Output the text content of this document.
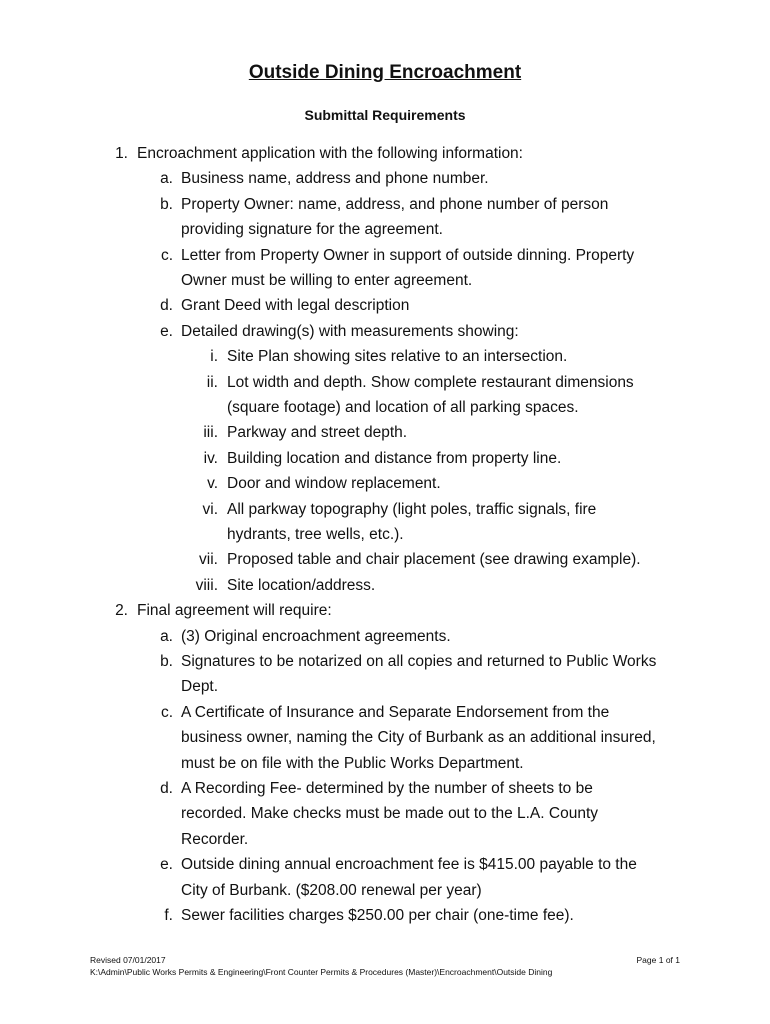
Outside Dining Encroachment
Submittal Requirements
1. Encroachment application with the following information:
a. Business name, address and phone number.
b. Property Owner: name, address, and phone number of person
providing signature for the agreement.
c. Letter from Property Owner in support of outside dinning. Property
Owner must be willing to enter agreement.
d. Grant Deed with legal description
e. Detailed drawing(s) with measurements showing:
i. Site Plan showing sites relative to an intersection.
ii. Lot width and depth. Show complete restaurant dimensions
(square footage) and location of all parking spaces.
iii. Parkway and street depth.
iv. Building location and distance from property line.
v. Door and window replacement.
vi. All parkway topography (light poles, traffic signals, fire
hydrants, tree wells, etc.).
vii. Proposed table and chair placement (see drawing example).
viii. Site location/address.
2. Final agreement will require:
a. (3) Original encroachment agreements.
b. Signatures to be notarized on all copies and returned to Public Works
Dept.
c. A Certificate of Insurance and Separate Endorsement from the
business owner, naming the City of Burbank as an additional insured,
must be on file with the Public Works Department.
d. A Recording Fee- determined by the number of sheets to be
recorded. Make checks must be made out to the L.A. County
Recorder.
e. Outside dining annual encroachment fee is $415.00 payable to the
City of Burbank. ($208.00 renewal per year)
f. Sewer facilities charges $250.00 per chair (one-time fee).
Revised 07/01/2017
K:\Admin\Public Works Permits & Engineering\Front Counter Permits & Procedures (Master)\Encroachment\Outside Dining
Page 1 of 1
